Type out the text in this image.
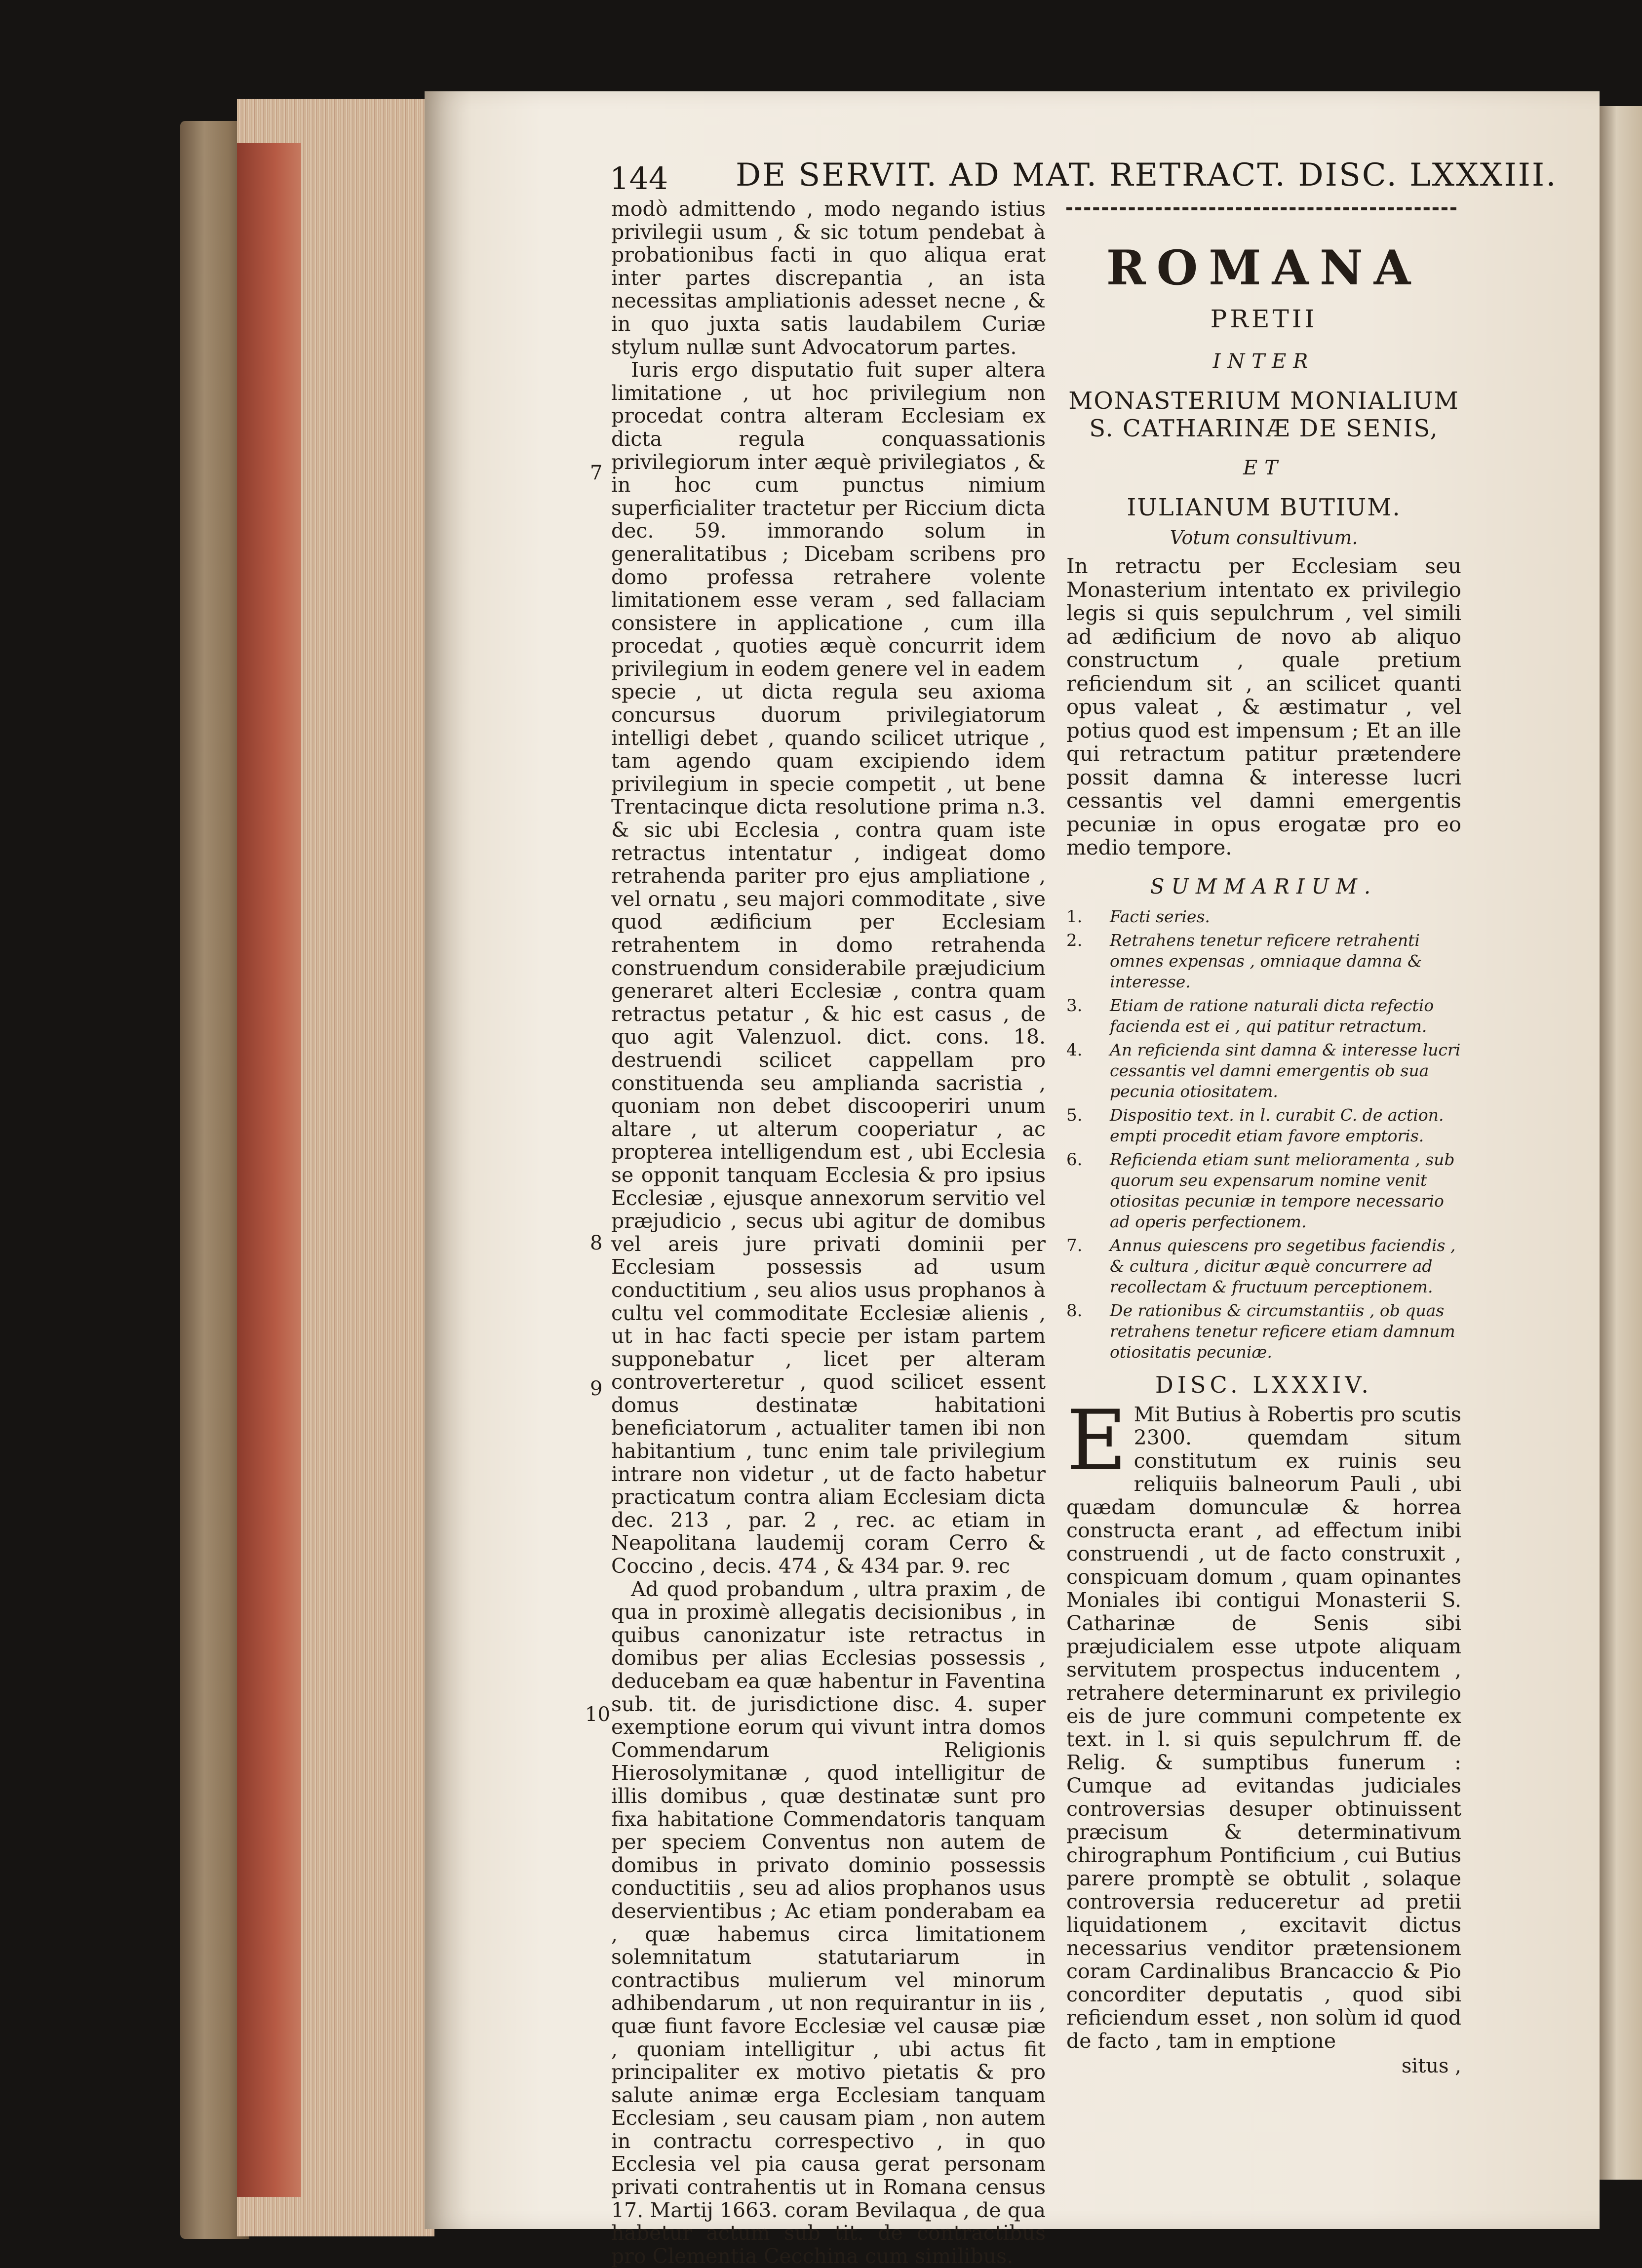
144 DE SERVIT. AD MAT. RETRACT. DISC. LXXXIII.

modò admittendo , modo negando istius privilegii usum , & sic totum pendebat à probationibus facti in quo aliqua erat inter partes discrepantia , an ista necessitas ampliationis adesset necne , & in quo juxta satis laudabilem Curiæ stylum nullæ sunt Advocatorum partes.

Iuris ergo disputatio fuit super altera limitatione , ut hoc privilegium non procedat contra alteram Ecclesiam ex dicta regula conquassationis privilegiorum inter æquè privilegiatos , & in hoc cum punctus nimium superficialiter tractetur per Riccium dicta dec. 59. immorando solum in generalitatibus ; Dicebam scribens pro domo professa retrahere volente limitationem esse veram , sed fallaciam consistere in applicatione , cum illa procedat , quoties æquè concurrit idem privilegium in eodem genere vel in eadem specie , ut dicta regula seu axioma concursus duorum privilegiatorum intelligi debet , quando scilicet utrique , tam agendo quam excipiendo idem privilegium in specie competit , ut bene Trentacinque dicta resolutione prima n.3. & sic ubi Ecclesia , contra quam iste retractus intentatur , indigeat domo retrahenda pariter pro ejus ampliatione , vel ornatu , seu majori commoditate , sive quod ædificium per Ecclesiam retrahentem in domo retrahenda construendum considerabile præjudicium generaret alteri Ecclesiæ , contra quam retractus petatur , & hic est casus , de quo agit Valenzuol. dict. cons. 18. destruendi scilicet cappellam pro constituenda seu amplianda sacristia , quoniam non debet discooperiri unum altare , ut alterum cooperiatur , ac propterea intelligendum est , ubi Ecclesia se opponit tanquam Ecclesia & pro ipsius Ecclesiæ , ejusque annexorum servitio vel præjudicio , secus ubi agitur de domibus vel areis jure privati dominii per Ecclesiam possessis ad usum conductitium , seu alios usus prophanos à cultu vel commoditate Ecclesiæ alienis , ut in hac facti specie per istam partem supponebatur , licet per alteram controverteretur , quod scilicet essent domus destinatæ habitationi beneficiatorum , actualiter tamen ibi non habitantium , tunc enim tale privilegium intrare non videtur , ut de facto habetur practicatum contra aliam Ecclesiam dicta dec. 213 , par. 2 , rec. ac etiam in Neapolitana laudemij coram Cerro & Coccino , decis. 474 , & 434 par. 9. rec

Ad quod probandum , ultra praxim , de qua in proximè allegatis decisionibus , in quibus canonizatur iste retractus in domibus per alias Ecclesias possessis , deducebam ea quæ habentur in Faventina sub. tit. de jurisdictione disc. 4. super exemptione eorum qui vivunt intra domos Commendarum Religionis Hierosolymitanæ , quod intelligitur de illis domibus , quæ destinatæ sunt pro fixa habitatione Commendatoris tanquam per speciem Conventus non autem de domibus in privato dominio possessis conductitiis , seu ad alios prophanos usus deservientibus ; Ac etiam ponderabam ea , quæ habemus circa limitationem solemnitatum statutariarum in contractibus mulierum vel minorum adhibendarum , ut non requirantur in iis , quæ fiunt favore Ecclesiæ vel causæ piæ , quoniam intelligitur , ubi actus fit principaliter ex motivo pietatis & pro salute animæ erga Ecclesiam tanquam Ecclesiam , seu causam piam , non autem in contractu correspectivo , in quo Ecclesia vel pia causa gerat personam privati contrahentis ut in Romana census 17. Martij 1663. coram Bevilaqua , de qua habetur actum sub tit. de contractibus pro Clementia Cecchina cum similibus.

7
8
9
10
ROMANA
PRETII
INTER
MONASTERIUM MONIALIUM
S. CATHARINÆ DE SENIS,
ET
IULIANUM BUTIUM.
Votum consultivum.
In retractu per Ecclesiam seu Monasterium intentato ex privilegio legis si quis sepulchrum , vel simili ad ædificium de novo ab aliquo constructum , quale pretium reficiendum sit , an scilicet quanti opus valeat , & æstimatur , vel potius quod est impensum ; Et an ille qui retractum patitur prætendere possit damna & interesse lucri cessantis vel damni emergentis pecuniæ in opus erogatæ pro eo medio tempore.
SUMMARIUM.
1. Facti series.
2. Retrahens tenetur reficere retrahenti omnes expensas , omniaque damna & interesse.
3. Etiam de ratione naturali dicta refectio facienda est ei , qui patitur retractum.
4. An reficienda sint damna & interesse lucri cessantis vel damni emergentis ob sua pecunia otiositatem.
5. Dispositio text. in l. curabit C. de action. empti procedit etiam favore emptoris.
6. Reficienda etiam sunt melioramenta , sub quorum seu expensarum nomine venit otiositas pecuniæ in tempore necessario ad operis perfectionem.
7. Annus quiescens pro segetibus faciendis , & cultura , dicitur æquè concurrere ad recollectam & fructuum perceptionem.
8. De rationibus & circumstantiis , ob quas retrahens tenetur reficere etiam damnum otiositatis pecuniæ.
DISC. LXXXIV.
E Mit Butius à Robertis pro scutis 2300. quemdam situm constitutum ex ruinis seu reliquiis balneorum Pauli , ubi quædam domunculæ & horrea constructa erant , ad effectum inibi construendi , ut de facto construxit , conspicuam domum , quam opinantes Moniales ibi contigui Monasterii S. Catharinæ de Senis sibi præjudicialem esse utpote aliquam servitutem prospectus inducentem , retrahere determinarunt ex privilegio eis de jure communi competente ex text. in l. si quis sepulchrum ff. de Relig. & sumptibus funerum : Cumque ad evitandas judiciales controversias desuper obtinuissent præcisum & determinativum chirographum Pontificium , cui Butius parere promptè se obtulit , solaque controversia reduceretur ad pretii liquidationem , excitavit dictus necessarius venditor prætensionem coram Cardinalibus Brancaccio & Pio concorditer deputatis , quod sibi reficiendum esset , non solùm id quod de facto , tam in emptione
situs ,
